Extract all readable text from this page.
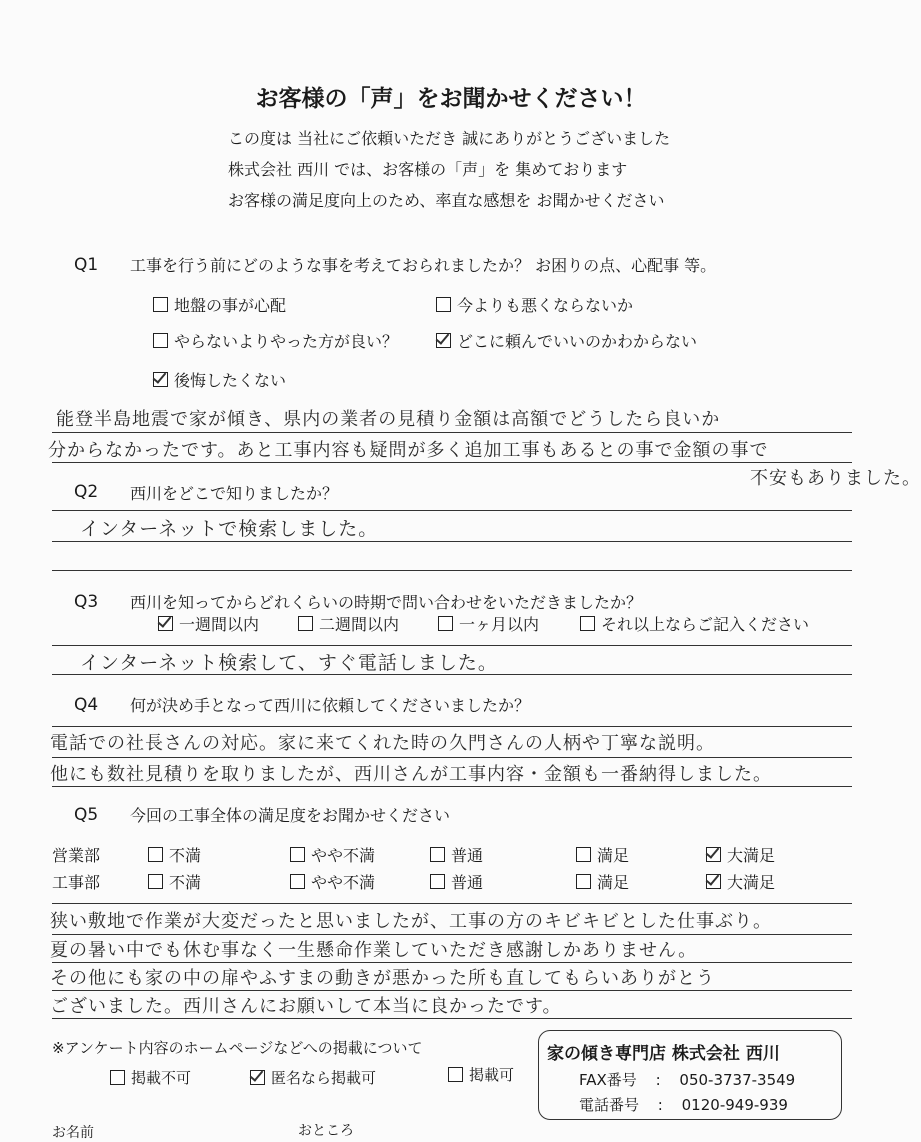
お客様の「声」をお聞かせください！
この度は 当社にご依頼いただき 誠にありがとうございました
株式会社 西川 では、お客様の「声」を 集めております
お客様の満足度向上のため、率直な感想を お聞かせください
Q1 工事を行う前にどのような事を考えておられましたか？ お困りの点、心配事 等。
地盤の事が心配	今よりも悪くならないか
やらないよりやった方が良い？	どこに頼んでいいのかわからない
後悔したくない
能登半島地震で家が傾き、県内の業者の見積り金額は高額でどうしたら良いか
分からなかったです。あと工事内容も疑問が多く追加工事もあるとの事で金額の事で
不安もありました。
Q2 西川をどこで知りましたか？
インターネットで検索しました。
Q3 西川を知ってからどれくらいの時期で問い合わせをいただきましたか？
一週間以内	二週間以内	一ヶ月以内	それ以上ならご記入ください
インターネット検索して、すぐ電話しました。
Q4 何が決め手となって西川に依頼してくださいましたか？
電話での社長さんの対応。家に来てくれた時の久門さんの人柄や丁寧な説明。
他にも数社見積りを取りましたが、西川さんが工事内容・金額も一番納得しました。
Q5 今回の工事全体の満足度をお聞かせください
営業部	不満	やや不満	普通	満足	大満足
工事部	不満	やや不満	普通	満足	大満足
狭い敷地で作業が大変だったと思いましたが、工事の方のキビキビとした仕事ぶり。
夏の暑い中でも休む事なく一生懸命作業していただき感謝しかありません。
その他にも家の中の扉やふすまの動きが悪かった所も直してもらいありがとう
ございました。西川さんにお願いして本当に良かったです。
※アンケート内容のホームページなどへの掲載について
掲載不可	匿名なら掲載可	掲載可
家の傾き専門店 株式会社 西川
FAX番号 : 050-3737-3549
電話番号 : 0120-949-939
お名前	おところ
